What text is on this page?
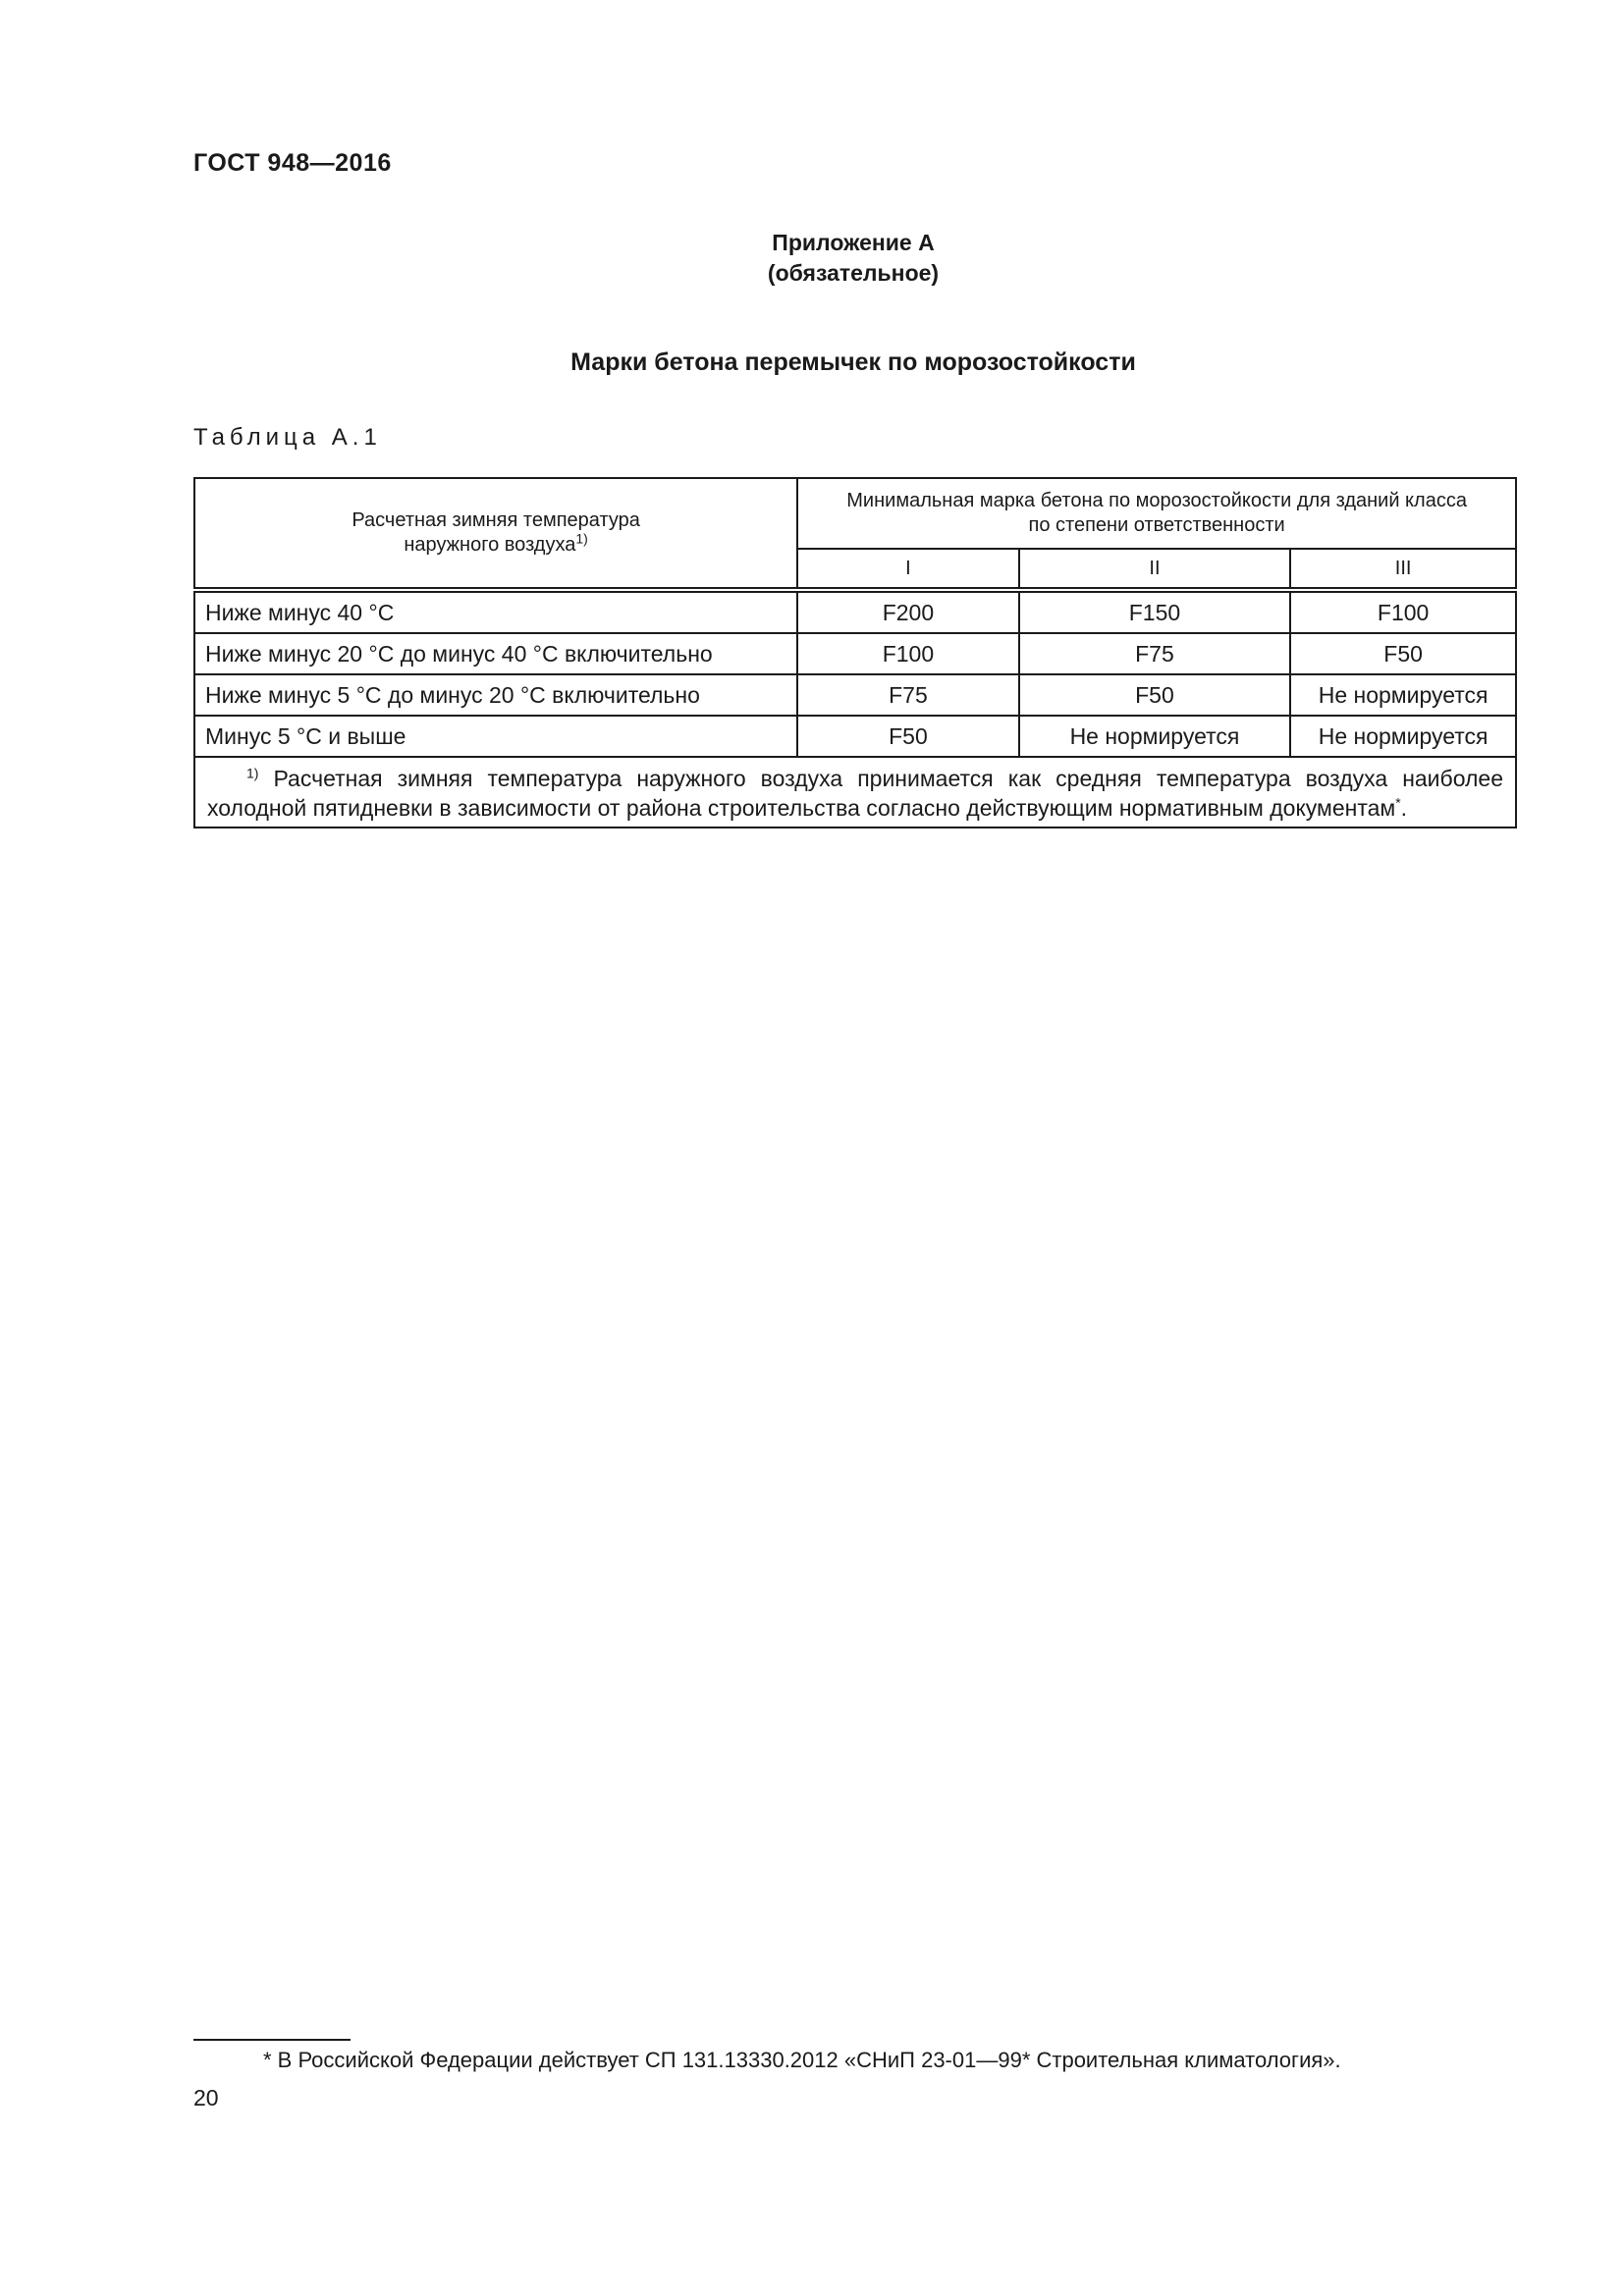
ГОСТ 948—2016
Приложение А
(обязательное)
Марки бетона перемычек по морозостойкости
Таблица А.1
Расчетная зимняя температура наружного воздуха$^{1)}$	Минимальная марка бетона по морозостойкости для зданий класса по степени ответственности		
	I	II	III
Ниже минус 40 °С	F200	F150	F100
Ниже минус 20 °С до минус 40 °С включительно	F100	F75	F50
Ниже минус 5 °С до минус 20 °С включительно	F75	F50	Не нормируется
Минус 5 °С и выше	F50	Не нормируется	Не нормируется
$^{1)}$ Расчетная зимняя температура наружного воздуха принимается как средняя температура воздуха наиболее холодной пятидневки в зависимости от района строительства согласно действующим нормативным документам*.			
* В Российской Федерации действует СП 131.13330.2012 «СНиП 23-01—99* Строительная климатология».
20
